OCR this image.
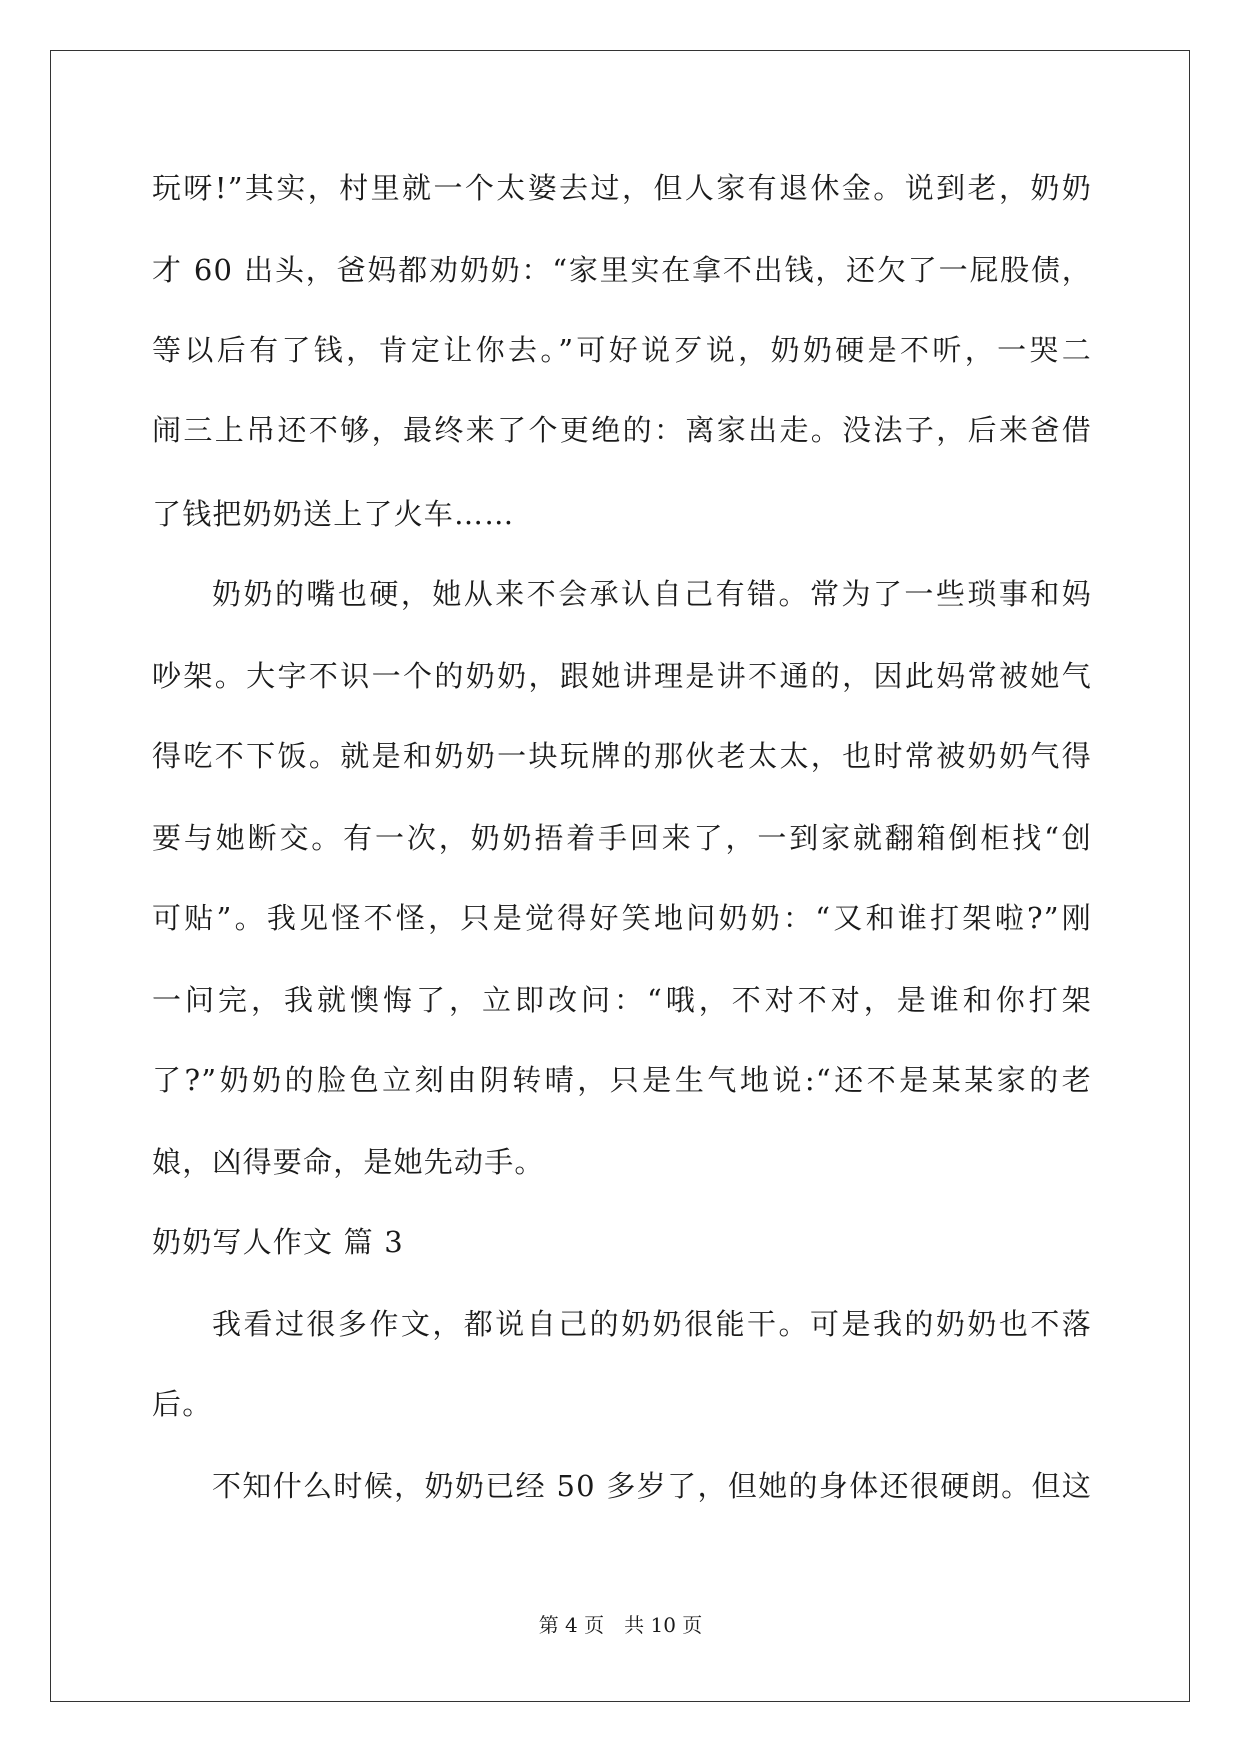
玩呀!”其实，村里就一个太婆去过，但人家有退休金。说到老，奶奶
才 60 出头，爸妈都劝奶奶：“家里实在拿不出钱，还欠了一屁股债，
等以后有了钱，肯定让你去。”可好说歹说，奶奶硬是不听，一哭二
闹三上吊还不够，最终来了个更绝的：离家出走。没法子，后来爸借
了钱把奶奶送上了火车……
奶奶的嘴也硬，她从来不会承认自己有错。常为了一些琐事和妈
吵架。大字不识一个的奶奶，跟她讲理是讲不通的，因此妈常被她气
得吃不下饭。就是和奶奶一块玩牌的那伙老太太，也时常被奶奶气得
要与她断交。有一次，奶奶捂着手回来了，一到家就翻箱倒柜找“创
可贴”。我见怪不怪，只是觉得好笑地问奶奶：“又和谁打架啦?”刚
一问完，我就懊悔了，立即改问：“哦，不对不对，是谁和你打架
了?”奶奶的脸色立刻由阴转晴，只是生气地说:“还不是某某家的老
娘，凶得要命，是她先动手。
奶奶写人作文 篇 3
我看过很多作文，都说自己的奶奶很能干。可是我的奶奶也不落
后。
不知什么时候，奶奶已经 50 多岁了，但她的身体还很硬朗。但这
第 4 页　共 10 页
